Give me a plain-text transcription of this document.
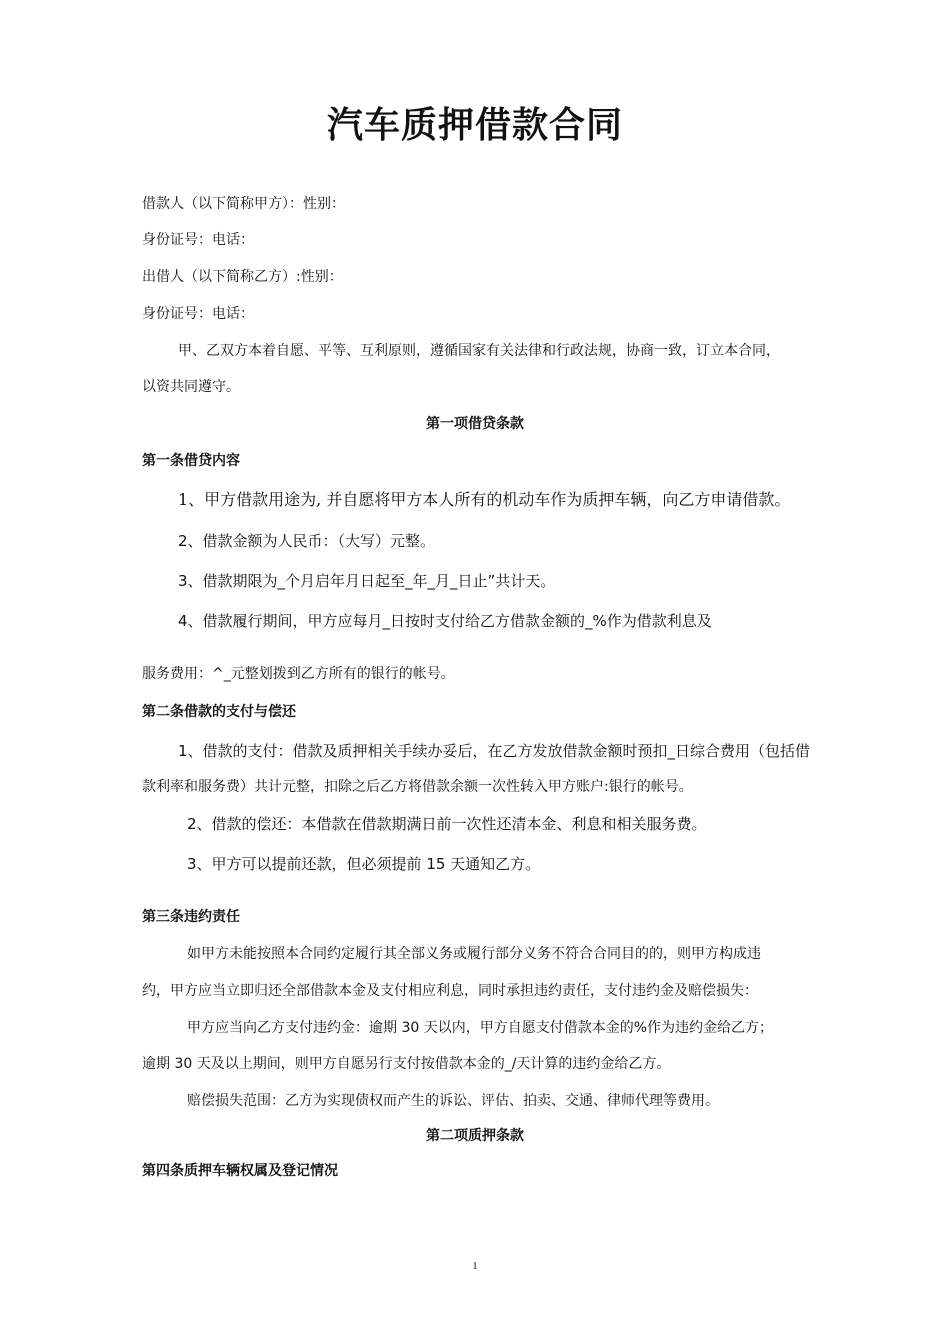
汽车质押借款合同
借款人（以下简称甲方）：性别：
身份证号：电话：
出借人（以下简称乙方）:性别：
身份证号：电话：
甲、乙双方本着自愿、平等、互利原则，遵循国家有关法律和行政法规，协商一致，订立本合同，
以资共同遵守。
第一项借贷条款
第一条借贷内容
1、甲方借款用途为, 并自愿将甲方本人所有的机动车作为质押车辆，向乙方申请借款。
2、借款金额为人民币：（大写）元整。
3、借款期限为_个月启年月日起至_年_月_日止”共计天。
4、借款履行期间，甲方应每月_日按时支付给乙方借款金额的_%作为借款利息及
服务费用：^_元整划拨到乙方所有的银行的帐号。
第二条借款的支付与偿还
1、借款的支付：借款及质押相关手续办妥后，在乙方发放借款金额时预扣_日综合费用（包括借
款利率和服务费）共计元整，扣除之后乙方将借款余额一次性转入甲方账户:银行的帐号。
2、借款的偿还：本借款在借款期满日前一次性还清本金、利息和相关服务费。
3、甲方可以提前还款，但必须提前 15 天通知乙方。
第三条违约责任
如甲方未能按照本合同约定履行其全部义务或履行部分义务不符合合同目的的，则甲方构成违
约，甲方应当立即归还全部借款本金及支付相应利息，同时承担违约责任，支付违约金及赔偿损失：
甲方应当向乙方支付违约金：逾期 30 天以内，甲方自愿支付借款本金的%作为违约金给乙方；
逾期 30 天及以上期间，则甲方自愿另行支付按借款本金的_/天计算的违约金给乙方。
赔偿损失范围：乙方为实现债权而产生的诉讼、评估、拍卖、交通、律师代理等费用。
第二项质押条款
第四条质押车辆权属及登记情况
1
